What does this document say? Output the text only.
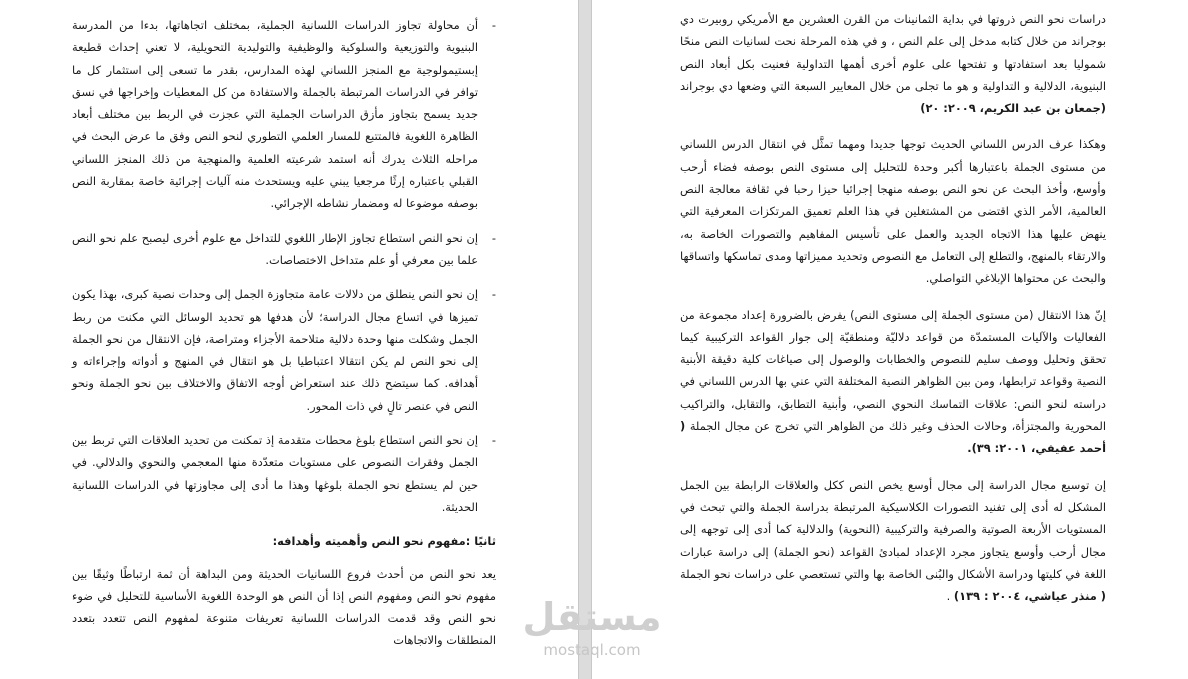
- أن محاولة تجاوز الدراسات اللسانية الجملية، بمختلف اتجاهاتها، بدءا من المدرسة البنيوية والتوزيعية والسلوكية والوظيفية والتوليدية التحويلية، لا تعني إحداث قطيعة إبستيمولوجية مع المنجز اللساني لهذه المدارس، بقدر ما تسعى إلى استثمار كل ما توافر في الدراسات المرتبطة بالجملة والاستفادة من كل المعطيات وإخراجها في نسق جديد يسمح بتجاوز مأزق الدراسات الجملية التي عجزت في الربط بين مختلف أبعاد الظاهرة اللغوية فالمتتبع للمسار العلمي التطوري لنحو النص وفق ما عرض البحث في مراحله الثلاث يدرك أنه استمد شرعيته العلمية والمنهجية من ذلك المنجز اللساني القبلي باعتباره إرثًا مرجعيا يبني عليه ويستحدث منه آليات إجرائية خاصة بمقاربة النص بوصفه موضوعا له ومضمار نشاطه الإجرائي.
- إن نحو النص استطاع تجاوز الإطار اللغوي للتداخل مع علوم أخرى ليصبح علم نحو النص علما بين معرفي أو علم متداخل الاختصاصات.
- إن نحو النص ينطلق من دلالات عامة متجاوزة الجمل إلى وحدات نصية كبرى، بهذا يكون تميزها في اتساع مجال الدراسة؛ لأن هدفها هو تحديد الوسائل التي مكنت من ربط الجمل وشكلت منها وحدة دلالية متلاحمة الأجزاء ومتراصة، فإن الانتقال من نحو الجملة إلى نحو النص لم يكن انتقالا اعتباطيا بل هو انتقال في المنهج و أدواته وإجراءاته و أهدافه. كما سيتضح ذلك عند استعراض أوجه الاتفاق والاختلاف بين نحو الجملة ونحو النص في عنصر تالٍ في ذات المحور.
- إن نحو النص استطاع بلوغ محطات متقدمة إذ تمكنت من تحديد العلاقات التي تربط بين الجمل وفقرات النصوص على مستويات متعدّدة منها المعجمي والنحوي والدلالي. في حين لم يستطع نحو الجملة بلوغها وهذا ما أدى إلى مجاوزتها في الدراسات اللسانية الحديثة.
ثانيًا :مفهوم نحو النص وأهميته وأهدافه:
يعد نحو النص من أحدث فروع اللسانيات الحديثة ومن البداهة أن ثمة ارتباطًا وثيقًا بين مفهوم نحو النص ومفهوم النص إذا أن النص هو الوحدة اللغوية الأساسية للتحليل في ضوء نحو النص وقد قدمت الدراسات اللسانية تعريفات متنوعة لمفهوم النص تتعدد بتعدد المنطلقات والاتجاهات
دراسات نحو النص ذروتها في بداية الثمانينات من القرن العشرين مع الأمريكي روبيرت دي بوجراند من خلال كتابه مدخل إلى علم النص ، و في هذه المرحلة نحت لسانيات النص منحًا شموليا بعد استفادتها و تفتحها على علوم أخرى أهمها التداولية فعنيت بكل أبعاد النص البنيوية، الدلالية و التداولية و هو ما تجلى من خلال المعايير السبعة التي وضعها دي بوجراند (جمعان بن عبد الكريم، ٢٠٠٩: ٢٠)
وهكذا عرف الدرس اللساني الحديث توجها جديدا ومهما تمثَّل في انتقال الدرس اللساني من مستوى الجملة باعتبارها أكبر وحدة للتحليل إلى مستوى النص بوصفه فضاء أرحب وأوسع، وأخذ البحث عن نحو النص بوصفه منهجا إجرائيا حيزا رحبا في ثقافة معالجة النص العالمية، الأمر الذي اقتضى من المشتغلين في هذا العلم تعميق المرتكزات المعرفية التي ينهض عليها هذا الاتجاه الجديد والعمل على تأسيس المفاهيم والتصورات الخاصة به، والارتقاء بالمنهج، والتطلع إلى التعامل مع النصوص وتحديد مميزاتها ومدى تماسكها واتساقها والبحث عن محتواها الإبلاغي التواصلي.
إنّ هذا الانتقال (من مستوى الجملة إلى مستوى النص) يفرض بالضرورة إعداد مجموعة من الفعاليات والآليات المستمدّة من قواعد دلاليّة ومنطقيّة إلى جوار القواعد التركيبية كيما تحقق وتحليل ووصف سليم للنصوص والخطابات والوصول إلى صياغات كلية دقيقة الأبنية النصية وقواعد ترابطها، ومن بين الظواهر النصية المختلفة التي عني بها الدرس اللساني في دراسته لنحو النص: علاقات التماسك النحوي النصي، وأبنية التطابق، والتقابل، والتراكيب المحورية والمجتزأة، وحالات الحذف وغير ذلك من الظواهر التي تخرج عن مجال الجملة ( أحمد عفيفي، ٢٠٠١: ٣٩).
إن توسيع مجال الدراسة إلى مجال أوسع يخص النص ككل والعلاقات الرابطة بين الجمل المشكل له أدى إلى تفنيد التصورات الكلاسيكية المرتبطة بدراسة الجملة والتي تبحث في المستويات الأربعة الصوتية والصرفية والتركيبية (النحوية) والدلالية كما أدى إلى توجهه إلى مجال أرحب وأوسع يتجاوز مجرد الإعداد لمبادئ القواعد (نحو الجملة) إلى دراسة عبارات اللغة في كليتها ودراسة الأشكال والبُنى الخاصة بها والتي تستعصي على دراسات نحو الجملة ( منذر عياشي، ٢٠٠٤ : ١٣٩) .
مستقل
mostaql.com
